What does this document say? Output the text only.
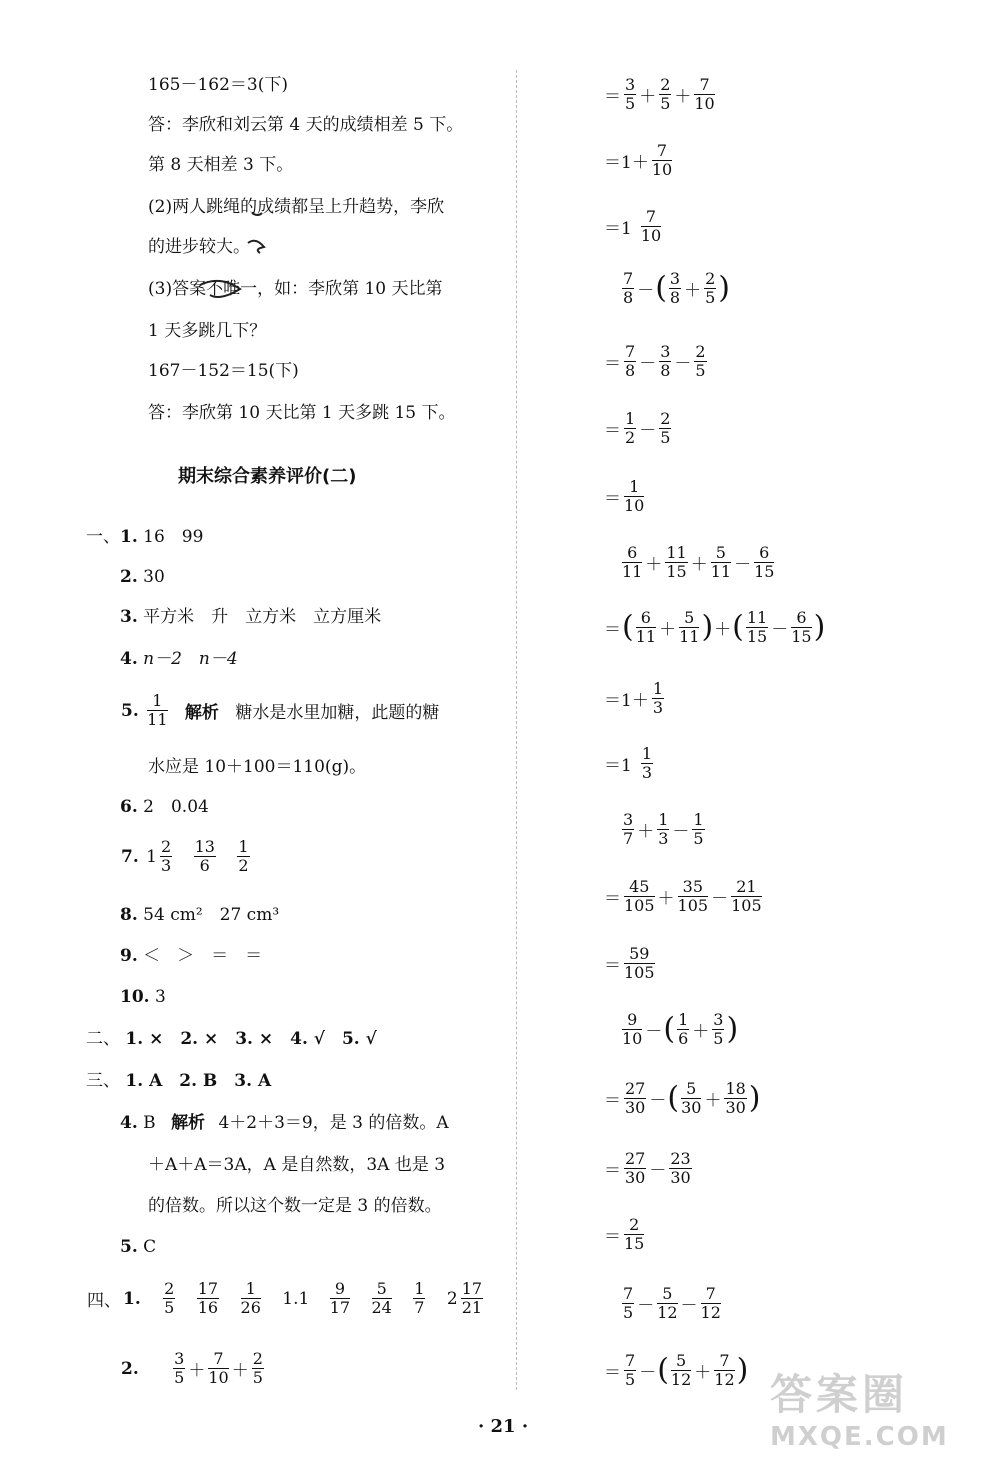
165－162＝3(下)
答：李欣和刘云第 4 天的成绩相差 5 下。
第 8 天相差 3 下。
(2)两人跳绳的成绩都呈上升趋势，李欣
的进步较大。
(3)答案不唯一，如：李欣第 10 天比第
1 天多跳几下？
167－152＝15(下)
答：李欣第 10 天比第 1 天多跳 15 下。
期末综合素养评价(二)
一、 1. 16　99
2. 30
3. 平方米　升　立方米　立方厘米
4. n－2　n－4
5. $\frac{1}{11}$ 解析 糖水是水里加糖，此题的糖
水应是 10＋100＝110(g)。
6. 2　0.04
7. $1 \frac{2}{3}$
$\frac{13}{6}$
$\frac{1}{2}$
8. 54 cm²　27 cm³
9. ＜　＞　＝　＝
10. 3
二、 1. ×　2. ×　3. ×　4. √　5. √
三、 1. A　2. B　3. A
4. B 解析 4＋2＋3＝9，是 3 的倍数。A
＋A＋A＝3A，A 是自然数，3A 也是 3
的倍数。所以这个数一定是 3 的倍数。
5. C
四、 1. $\frac{2}{5}$
$\frac{17}{16}$
$\frac{1}{26} 1.1 \frac{9}{17}$
$\frac{5}{24}$
$\frac{1}{7} 2 \frac{17}{21}$
2. $\frac{3}{5} + \frac{7}{10} + \frac{2}{5}$
＝ $\frac{3}{5} + \frac{2}{5} + \frac{7}{10}$
$=1+ \frac{7}{10}$
$=1 \frac{7}{10}$
$\frac{7}{8}$ －( $\frac{3}{8} + \frac{2}{5}$ )
＝ $\frac{7}{8} - \frac{3}{8} - \frac{2}{5}$
＝ $\frac{1}{2} - \frac{2}{5}$
＝ $\frac{1}{10}$
$\frac{6}{11} + \frac{11}{15} + \frac{5}{11} - \frac{6}{15}$
＝( $\frac{6}{11} + \frac{5}{11}$ )＋( $\frac{11}{15} - \frac{6}{15}$ )
$=1+ \frac{1}{3}$
$=1 \frac{1}{3}$
$\frac{3}{7} + \frac{1}{3} - \frac{1}{5}$
＝ $\frac{45}{105} + \frac{35}{105} - \frac{21}{105}$
＝ $\frac{59}{105}$
$\frac{9}{10}$ －( $\frac{1}{6} + \frac{3}{5}$ )
＝ $\frac{27}{30}$ －( $\frac{5}{30} + \frac{18}{30}$ )
＝ $\frac{27}{30} - \frac{23}{30}$
＝ $\frac{2}{15}$
$\frac{7}{5} - \frac{5}{12} - \frac{7}{12}$
＝ $\frac{7}{5}$ －( $\frac{5}{12} + \frac{7}{12}$ )
· 21 ·
答案圈
MXQE.COM
